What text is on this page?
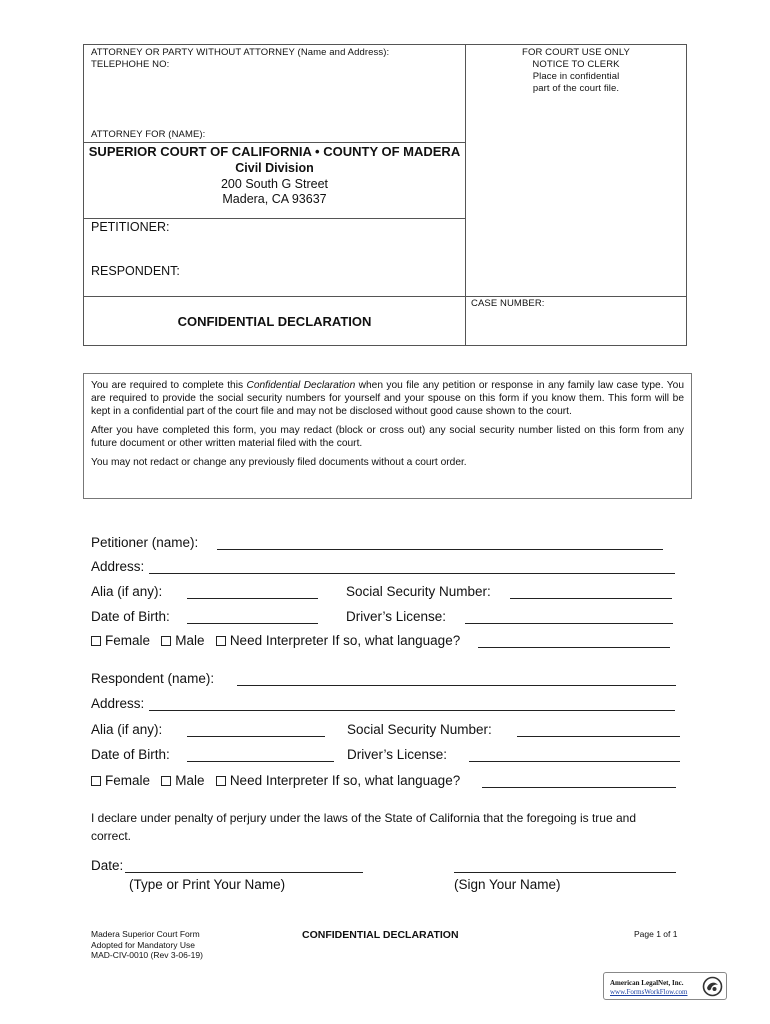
ATTORNEY OR PARTY WITHOUT ATTORNEY (Name and Address):
TELEPHOHE NO:
ATTORNEY FOR (NAME):
FOR COURT USE ONLY
NOTICE TO CLERK
Place in confidential
part of the court file.
SUPERIOR COURT OF CALIFORNIA • COUNTY OF MADERA
Civil Division
200 South G Street
Madera, CA 93637
PETITIONER:
RESPONDENT:
CASE NUMBER:
CONFIDENTIAL DECLARATION

You are required to complete this Confidential Declaration when you file any petition or response in any family law case type. You are required to provide the social security numbers for yourself and your spouse on this form if you know them. This form will be kept in a confidential part of the court file and may not be disclosed without good cause shown to the court.

After you have completed this form, you may redact (block or cross out) any social security number listed on this form from any future document or other written material filed with the court.

You may not redact or change any previously filed documents without a court order.

Petitioner (name):
Address:
Alia (if any):	Social Security Number:
Date of Birth:	Driver’s License:
Female Male Need Interpreter If so, what language?
Respondent (name):
Address:
Alia (if any):	Social Security Number:
Date of Birth:	Driver’s License:
Female Male Need Interpreter If so, what language?
I declare under penalty of perjury under the laws of the State of California that the foregoing is true and correct.
Date:
(Type or Print Your Name)	(Sign Your Name)
Madera Superior Court Form
Adopted for Mandatory Use
MAD-CIV-0010 (Rev 3-06-19)
CONFIDENTIAL DECLARATION	Page 1 of 1
American LegalNet, Inc.
www.FormsWorkFlow.com
